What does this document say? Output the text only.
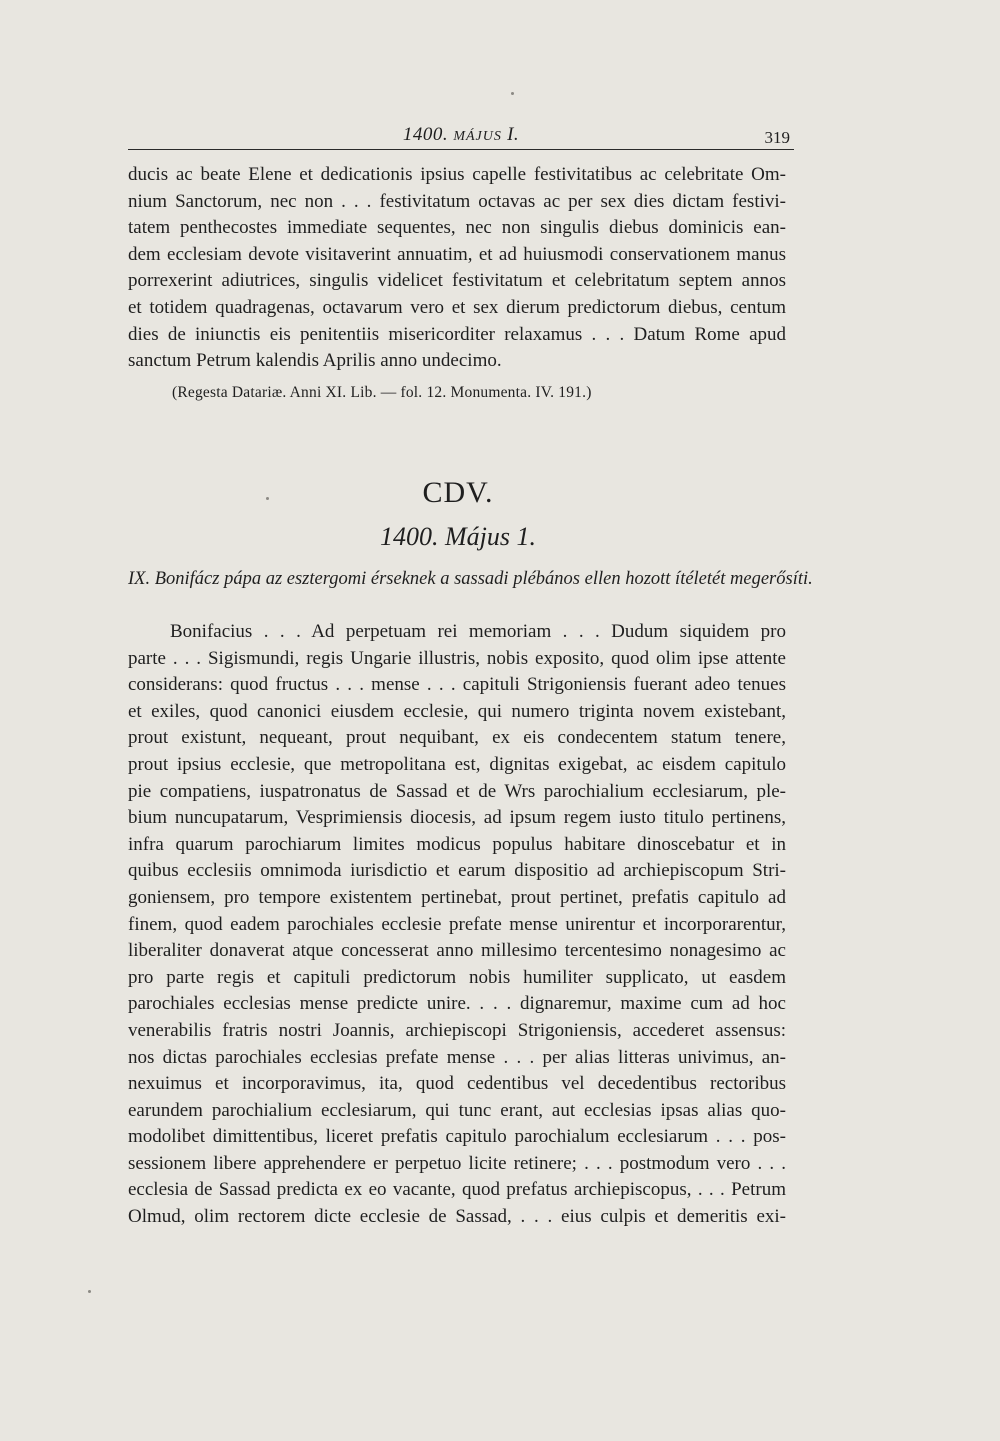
1400. MÁJUS I.	319
ducis ac beate Elene et dedicationis ipsius capelle festivitatibus ac celebritate Om-
nium Sanctorum, nec non . . . festivitatum octavas ac per sex dies dictam festivi-
tatem penthecostes immediate sequentes, nec non singulis diebus dominicis ean-
dem ecclesiam devote visitaverint annuatim, et ad huiusmodi conservationem manus
porrexerint adiutrices, singulis videlicet festivitatum et celebritatum septem annos
et totidem quadragenas, octavarum vero et sex dierum predictorum diebus, centum
dies de iniunctis eis penitentiis misericorditer relaxamus . . . Datum Rome apud
sanctum Petrum kalendis Aprilis anno undecimo.
(Regesta Datariæ. Anni XI. Lib. — fol. 12. Monumenta. IV. 191.)
CDV.
1400. Május 1.
IX. Bonifácz pápa az esztergomi érseknek a sassadi plébános ellen hozott ítéletét megerősíti.
Bonifacius . . . Ad perpetuam rei memoriam . . . Dudum siquidem pro
parte . . . Sigismundi, regis Ungarie illustris, nobis exposito, quod olim ipse attente
considerans: quod fructus . . . mense . . . capituli Strigoniensis fuerant adeo tenues
et exiles, quod canonici eiusdem ecclesie, qui numero triginta novem existebant,
prout existunt, nequeant, prout nequibant, ex eis condecentem statum tenere,
prout ipsius ecclesie, que metropolitana est, dignitas exigebat, ac eisdem capitulo
pie compatiens, iuspatronatus de Sassad et de Wrs parochialium ecclesiarum, ple-
bium nuncupatarum, Vesprimiensis diocesis, ad ipsum regem iusto titulo pertinens,
infra quarum parochiarum limites modicus populus habitare dinoscebatur et in
quibus ecclesiis omnimoda iurisdictio et earum dispositio ad archiepiscopum Stri-
goniensem, pro tempore existentem pertinebat, prout pertinet, prefatis capitulo ad
finem, quod eadem parochiales ecclesie prefate mense unirentur et incorporarentur,
liberaliter donaverat atque concesserat anno millesimo tercentesimo nonagesimo ac
pro parte regis et capituli predictorum nobis humiliter supplicato, ut easdem
parochiales ecclesias mense predicte unire. . . . dignaremur, maxime cum ad hoc
venerabilis fratris nostri Joannis, archiepiscopi Strigoniensis, accederet assensus:
nos dictas parochiales ecclesias prefate mense . . . per alias litteras univimus, an-
nexuimus et incorporavimus, ita, quod cedentibus vel decedentibus rectoribus
earundem parochialium ecclesiarum, qui tunc erant, aut ecclesias ipsas alias quo-
modolibet dimittentibus, liceret prefatis capitulo parochialum ecclesiarum . . . pos-
sessionem libere apprehendere er perpetuo licite retinere; . . . postmodum vero . . .
ecclesia de Sassad predicta ex eo vacante, quod prefatus archiepiscopus, . . . Petrum
Olmud, olim rectorem dicte ecclesie de Sassad, . . . eius culpis et demeritis exi-
